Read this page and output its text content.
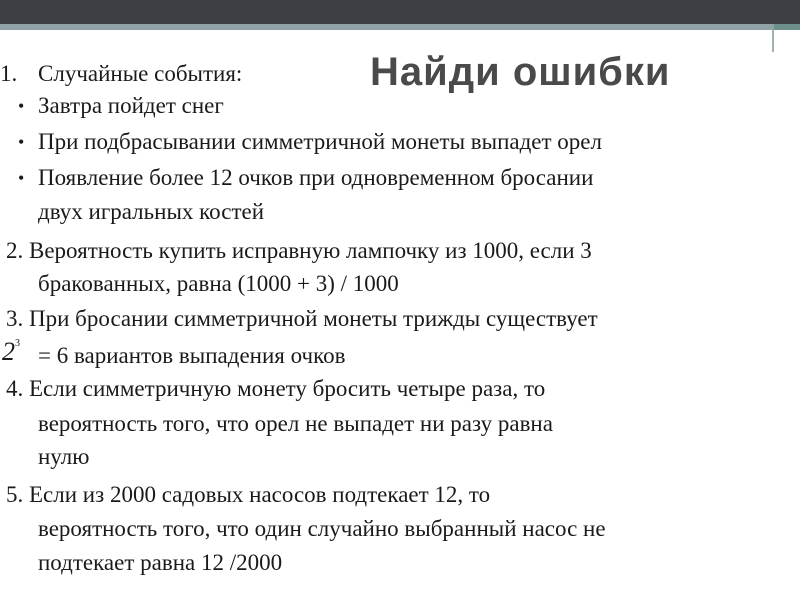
Найди ошибки
1. Случайные события:
• Завтра пойдет снег
• При подбрасывании симметричной монеты выпадет орел
• Появление более 12 очков при одновременном бросании
двух игральных костей
2. Вероятность купить исправную лампочку из 1000, если 3
бракованных, равна (1000 + 3) / 1000
3. При бросании симметричной монеты трижды существует
$2^3 = 6$ вариантов выпадения очков
4. Если симметричную монету бросить четыре раза, то
вероятность того, что орел не выпадет ни разу равна
нулю
5. Если из 2000 садовых насосов подтекает 12, то
вероятность того, что один случайно выбранный насос не
подтекает равна 12 /2000
